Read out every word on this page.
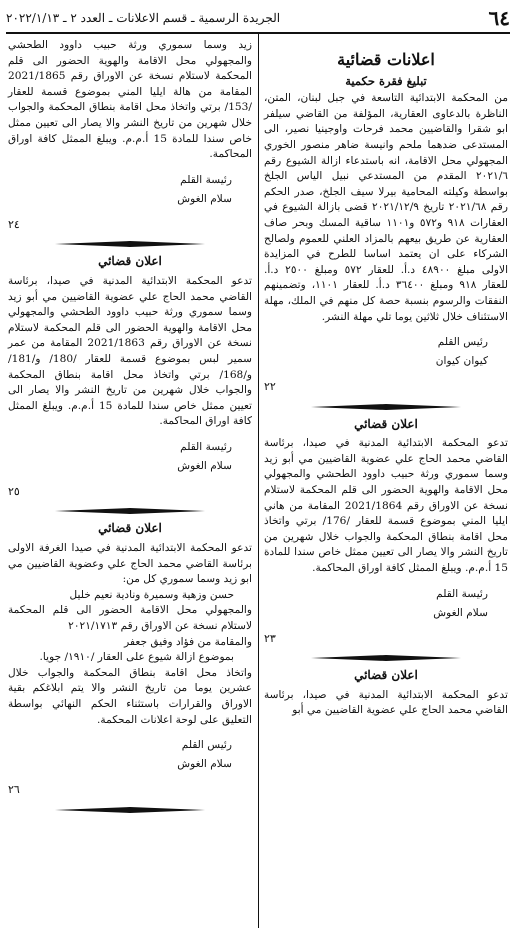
٦٤
الجريدة الرسمية ـ قسم الاعلانات ـ العدد ٢ ـ ٢٠٢٢/١/١٣
اعلانات قضائية
تبليغ فقرة حكمية

من المحكمة الابتدائية التاسعة في جبل لبنان، المتن، الناظرة بالدعاوى العقارية، المؤلفة من القاضي سيلفر ابو شقرا والقاضيين محمد فرحات واوجينيا نصير، الى المستدعى ضدهما ملحم وانيسة ضاهر منصور الخوري المجهولي محل الاقامة، انه باستدعاء ازالة الشيوع رقم ٢٠٢١/٦ المقدم من المستدعي نبيل الياس الجلخ بواسطة وكيلته المحامية بيرلا سيف الجلخ، صدر الحكم رقم ٢٠٢١/٦٨ تاريخ ٢٠٢١/١٢/٩ قضى بازالة الشيوع في العقارات ٩١٨ و٥٧٢ و١١٠١ ساقية المسك وبحر صاف العقارية عن طريق بيعهم بالمزاد العلني للعموم ولصالح الشركاء على ان يعتمد اساسا للطرح في المزايدة الاولى مبلغ ٤٨٩٠٠ د.أ. للعقار ٥٧٢ ومبلغ ٢٥٠٠ د.أ. للعقار ٩١٨ ومبلغ ٣٦٤٠٠ د.أ. للعقار ١١٠١، وتضمينهم النفقات والرسوم بنسبة حصة كل منهم في الملك، مهلة الاستئناف خلال ثلاثين يوما تلي مهلة النشر.

رئيس القلم
كيوان كيوان
٢٢
اعلان قضائي

تدعو المحكمة الابتدائية المدنية في صيدا، برئاسة القاضي محمد الحاج علي عضوية القاضيين مي أبو زيد وسما سموري ورثة حبيب داوود الطحشي والمجهولي محل الاقامة والهوية الحضور الى قلم المحكمة لاستلام نسخة عن الاوراق رقم 2021/1864 المقامة من هاني ايليا المني بموضوع قسمة للعقار /176/ برتي واتخاذ محل اقامة بنطاق المحكمة والجواب خلال شهرين من تاريخ النشر والا يصار الى تعيين ممثل خاص سندا للمادة 15 أ.م.م. ويبلغ الممثل كافة اوراق المحاكمة.

رئيسة القلم
سلام الغوش
٢٣
اعلان قضائي

تدعو المحكمة الابتدائية المدنية في صيدا، برئاسة القاضي محمد الحاج علي عضوية القاضيين مي أبو

زيد وسما سموري ورثة حبيب داوود الطحشي والمجهولي محل الاقامة والهوية الحضور الى قلم المحكمة لاستلام نسخة عن الاوراق رقم 2021/1865 المقامة من هالة ايليا المني بموضوع قسمة للعقار /153/ برتي واتخاذ محل اقامة بنطاق المحكمة والجواب خلال شهرين من تاريخ النشر والا يصار الى تعيين ممثل خاص سندا للمادة 15 أ.م.م. ويبلغ الممثل كافة اوراق المحاكمة.

رئيسة القلم
سلام الغوش
٢٤
اعلان قضائي

تدعو المحكمة الابتدائية المدنية في صيدا، برئاسة القاضي محمد الحاج علي عضوية القاضيين مي أبو زيد وسما سموري ورثة حبيب داوود الطحشي والمجهولي محل الاقامة والهوية الحضور الى قلم المحكمة لاستلام نسخة عن الاوراق رقم 2021/1863 المقامة من عمر سمير لبس بموضوع قسمة للعقار /180/ و/181/ و/168/ برتي واتخاذ محل اقامة بنطاق المحكمة والجواب خلال شهرين من تاريخ النشر والا يصار الى تعيين ممثل خاص سندا للمادة 15 أ.م.م. ويبلغ الممثل كافة اوراق المحاكمة.

رئيسة القلم
سلام الغوش
٢٥
اعلان قضائي

تدعو المحكمة الابتدائية المدنية في صيدا الغرفة الاولى برئاسة القاضي محمد الحاج علي وعضوية القاضيين مي ابو زيد وسما سموري كل من:

حسن وزهية وسميرة ونادية نعيم خليل

والمجهولي محل الاقامة الحضور الى قلم المحكمة لاستلام نسخة عن الاوراق رقم ٢٠٢١/١٧١٣

والمقامة من فؤاد وفيق جعفر

بموضوع ازالة شيوع على العقار /١٩١٠/ جويا.

واتخاذ محل اقامة بنطاق المحكمة والجواب خلال عشرين يوما من تاريخ النشر والا يتم ابلاغكم بقية الاوراق والقرارات باستثناء الحكم النهائي بواسطة التعليق على لوحة اعلانات المحكمة.

رئيس القلم
سلام الغوش
٢٦
